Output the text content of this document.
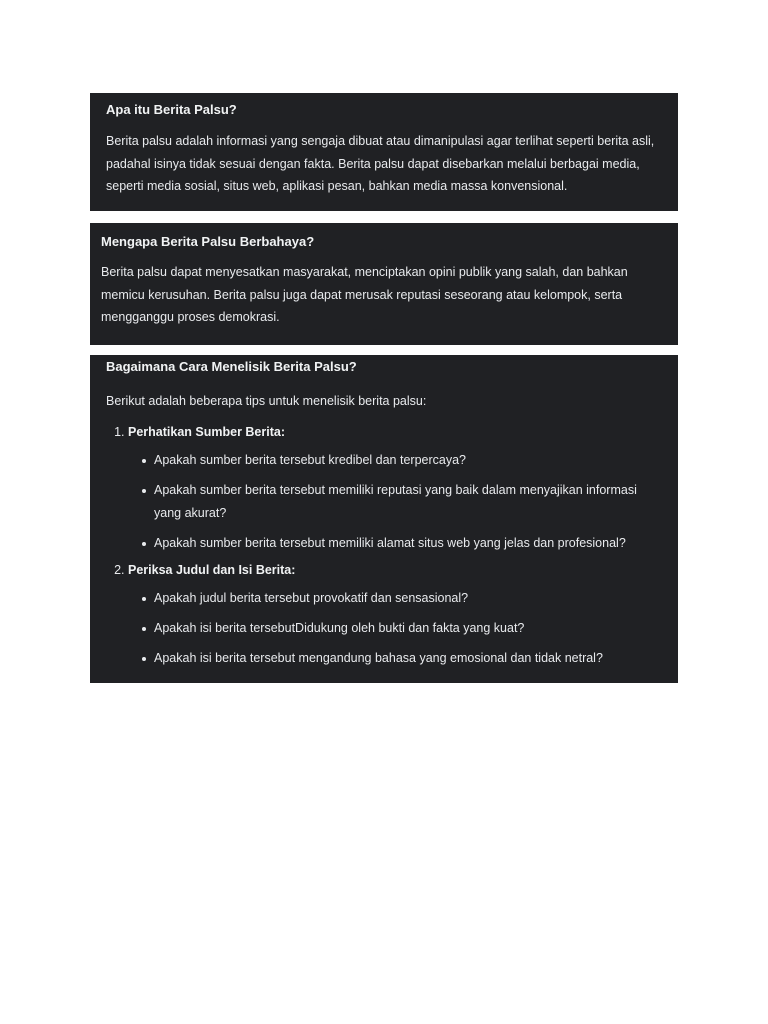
Apa itu Berita Palsu?

Berita palsu adalah informasi yang sengaja dibuat atau dimanipulasi agar terlihat seperti berita asli, padahal isinya tidak sesuai dengan fakta. Berita palsu dapat disebarkan melalui berbagai media, seperti media sosial, situs web, aplikasi pesan, bahkan media massa konvensional.

Mengapa Berita Palsu Berbahaya?

Berita palsu dapat menyesatkan masyarakat, menciptakan opini publik yang salah, dan bahkan memicu kerusuhan. Berita palsu juga dapat merusak reputasi seseorang atau kelompok, serta mengganggu proses demokrasi.

Bagaimana Cara Menelisik Berita Palsu?

Berikut adalah beberapa tips untuk menelisik berita palsu:

1. Perhatikan Sumber Berita:
Apakah sumber berita tersebut kredibel dan terpercaya?
Apakah sumber berita tersebut memiliki reputasi yang baik dalam menyajikan informasi yang akurat?
Apakah sumber berita tersebut memiliki alamat situs web yang jelas dan profesional?
2. Periksa Judul dan Isi Berita:
Apakah judul berita tersebut provokatif dan sensasional?
Apakah isi berita tersebutDidukung oleh bukti dan fakta yang kuat?
Apakah isi berita tersebut mengandung bahasa yang emosional dan tidak netral?
